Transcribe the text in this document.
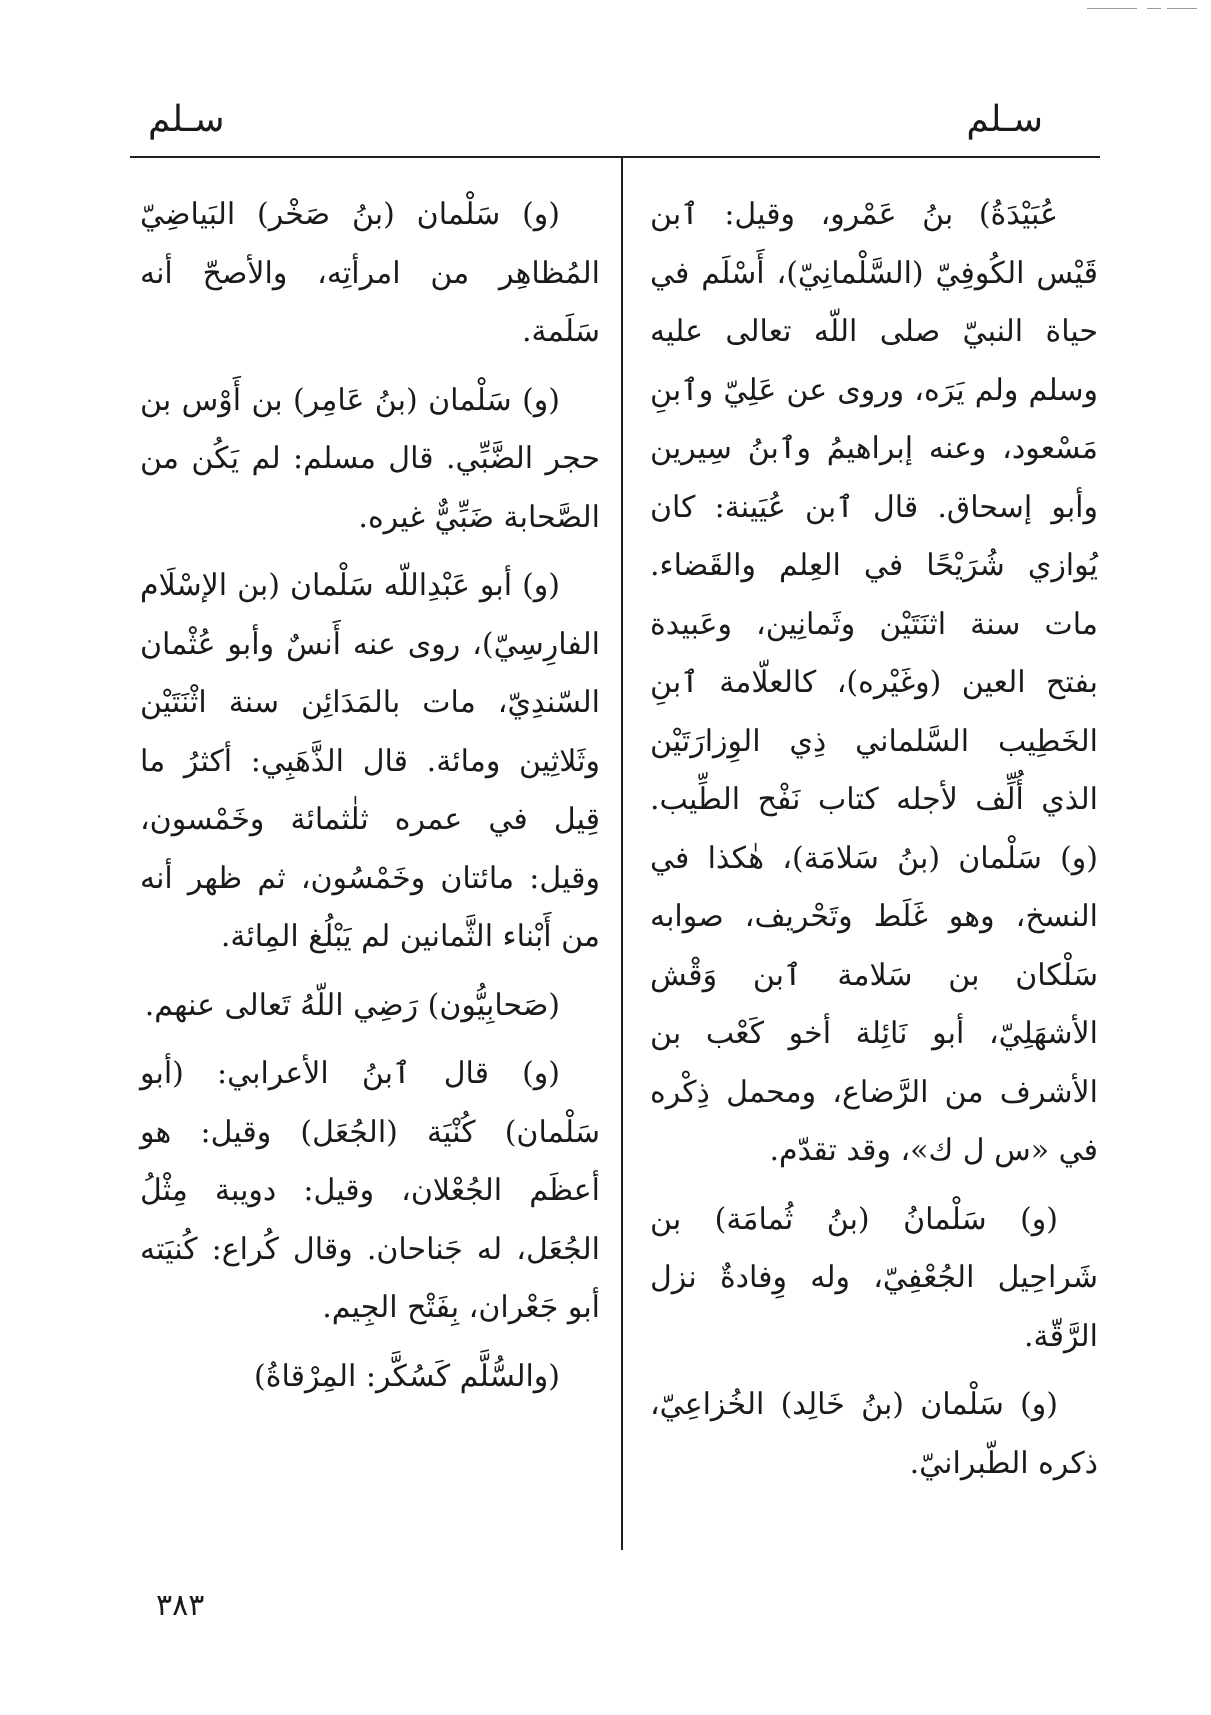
سـلم
سـلم

عُبَيْدَةُ) بنُ عَمْرو، وقيل: ٱبن قَيْس الكُوفِيّ (السَّلْمانِيّ)، أَسْلَم في حياة النبيّ صلى اللّه تعالى عليه وسلم ولم يَرَه، وروى عن عَلِيّ وٱبنِ مَسْعود، وعنه إبراهيمُ وٱبنُ سِيرين وأبو إسحاق. قال ٱبن عُيَينة: كان يُوازي شُرَيْحًا في العِلم والقَضاء. مات سنة اثنَتَيْن وثَمانِين، وعَبيدة بفتح العين (وغَيْره)، كالعلّامة ٱبنِ الخَطِيب السَّلماني ذِي الوِزارَتَيْن الذي أُلِّف لأجله كتاب نَفْح الطِّيب. (و) سَلْمان (بنُ سَلامَة)، هٰكذا في النسخ، وهو غَلَط وتَحْريف، صوابه سَلْكان بن سَلامة ٱبن وَقْش الأشهَلِيّ، أبو نَائِلة أخو كَعْب بن الأشرف من الرَّضاع، ومحمل ذِكْره في «س ل ك»، وقد تقدّم.

(و) سَلْمانُ (بنُ ثُمامَة) بن شَراحِيل الجُعْفِيّ، وله وِفادةٌ نزل الرَّقّة.

(و) سَلْمان (بنُ خَالِد) الخُزاعِيّ، ذكره الطّبرانيّ.

(و) سَلْمان (بنُ صَخْر) البَياضِيّ المُظاهِر من امرأتِه، والأصحّ أنه سَلَمة.

(و) سَلْمان (بنُ عَامِر) بن أَوْس بن حجر الضَّبِّي. قال مسلم: لم يَكُن من الصَّحابة ضَبِّيٌّ غيره.

(و) أبو عَبْدِاللّه سَلْمان (بن الإسْلَام الفارِسِيّ)، روى عنه أَنسٌ وأبو عُثْمان السّندِيّ، مات بالمَدَائِن سنة اثْنَتَيْن وثَلاثِين ومائة. قال الذَّهَبِي: أكثرُ ما قِيل في عمره ثلٰثمائة وخَمْسون، وقيل: مائتان وخَمْسُون، ثم ظهر أنه من أَبْناء الثَّمانين لم يَبْلُغ المِائة.

(صَحابِيُّون) رَضِي اللّهُ تَعالى عنهم.

(و) قال ٱبنُ الأعرابي: (أبو سَلْمان) كُنْيَة (الجُعَل) وقيل: هو أعظَم الجُعْلان، وقيل: دويبة مِثْلُ الجُعَل، له جَناحان. وقال كُراع: كُنيَته أبو جَعْران، بِفَتْح الجِيم.

(والسُّلَّم كَسُكَّر: المِرْقاةُ)

٣٨٣
